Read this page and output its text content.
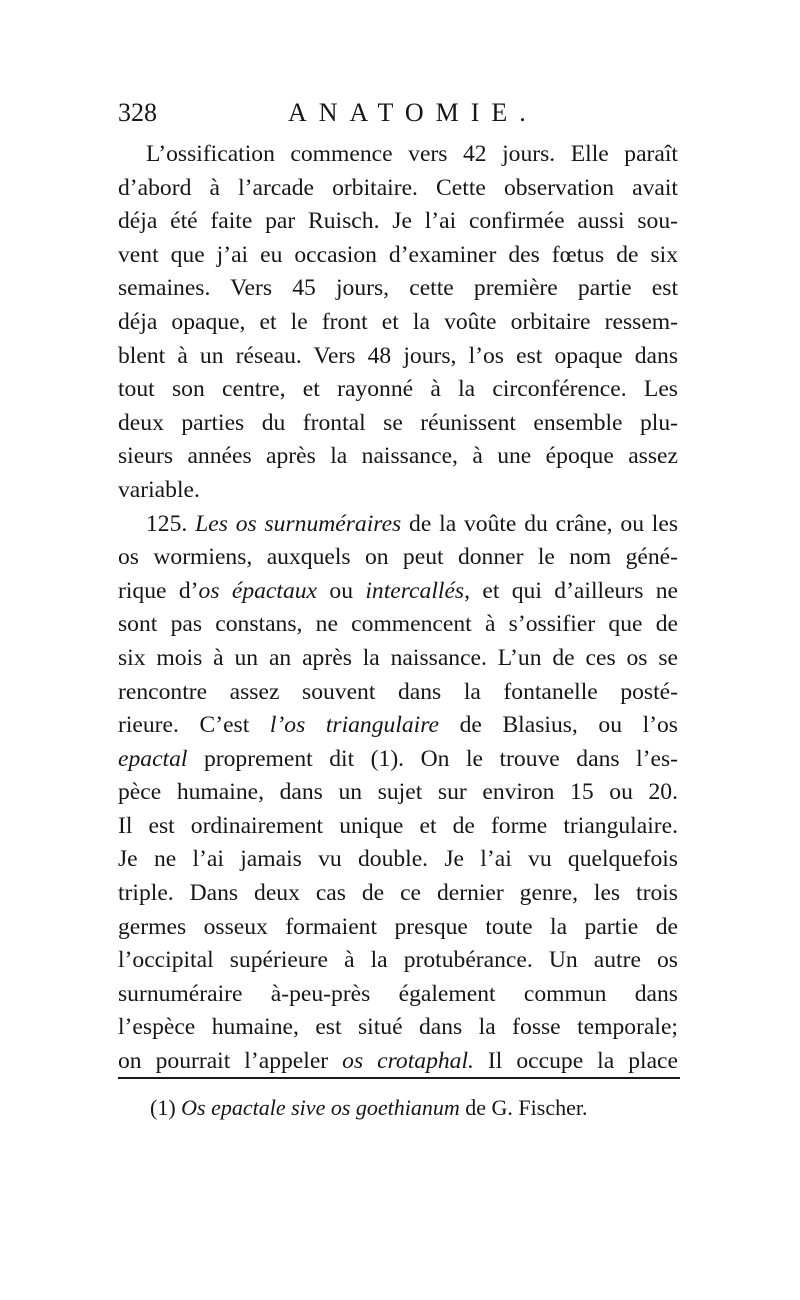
328	ANATOMIE.
L’ossification commence vers 42 jours. Elle paraît
d’abord à l’arcade orbitaire. Cette observation avait
déja été faite par Ruisch. Je l’ai confirmée aussi sou-
vent que j’ai eu occasion d’examiner des fœtus de six
semaines. Vers 45 jours, cette première partie est
déja opaque, et le front et la voûte orbitaire ressem-
blent à un réseau. Vers 48 jours, l’os est opaque dans
tout son centre, et rayonné à la circonférence. Les
deux parties du frontal se réunissent ensemble plu-
sieurs années après la naissance, à une époque assez
variable.
125. Les os surnuméraires de la voûte du crâne, ou les
os wormiens, auxquels on peut donner le nom géné-
rique d’os épactaux ou intercallés, et qui d’ailleurs ne
sont pas constans, ne commencent à s’ossifier que de
six mois à un an après la naissance. L’un de ces os se
rencontre assez souvent dans la fontanelle posté-
rieure. C’est l’os triangulaire de Blasius, ou l’os
epactal proprement dit (1). On le trouve dans l’es-
pèce humaine, dans un sujet sur environ 15 ou 20.
Il est ordinairement unique et de forme triangulaire.
Je ne l’ai jamais vu double. Je l’ai vu quelquefois
triple. Dans deux cas de ce dernier genre, les trois
germes osseux formaient presque toute la partie de
l’occipital supérieure à la protubérance. Un autre os
surnuméraire à-peu-près également commun dans
l’espèce humaine, est situé dans la fosse temporale;
on pourrait l’appeler os crotaphal. Il occupe la place
(1) Os epactale sive os goethianum de G. Fischer.
